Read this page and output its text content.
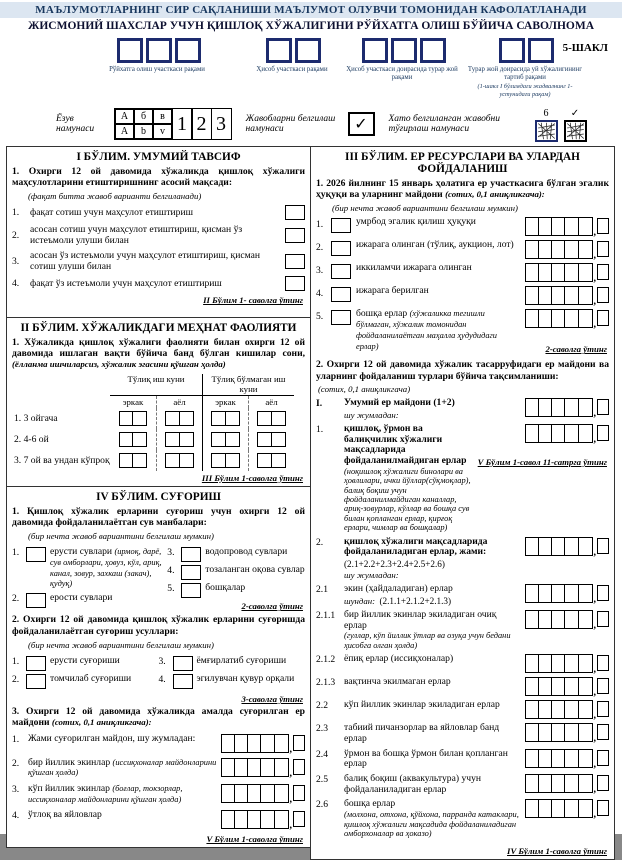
МАЪЛУМОТЛАРНИНГ СИР САҚЛАНИШИ МАЪЛУМОТ ОЛУВЧИ ТОМОНИДАН КАФОЛАТЛАНАДИ
ЖИСМОНИЙ ШАХСЛАР УЧУН ҚИШЛОҚ ХЎЖАЛИГИНИ РЎЙХАТГА ОЛИШ БЎЙИЧА САВОЛНОМА
5-ШАКЛ
Рўйхатга олиш участкаси рақами	Ҳисоб участкаси рақами	Ҳисоб участкаси доирасида турар жой рақами
Турар жой доирасида уй хўжалигининг тартиб рақами
(1-шакл I бўлимдаги жадвалнинг 1-устунидаги рақам)
Ёзув намунаси
А	б	в
A	b	v 1 2 3	Жавобларни белгилаш намунаси	✓	Хато белгиланган жавобни тўғирлаш намунаси
6 ✓
I БЎЛИМ. УМУМИЙ ТАВСИФ
1. Охирги 12 ой давомида хўжаликда қишлоқ хўжалиги маҳсулотларини етиштиришнинг асосий мақсади:
(фақат битта жавоб варианти белгиланади)
1.	фақат сотиш учун маҳсулот етиштириш
2.
асосан сотиш учун маҳсулот етиштириш, қисман ўз истеъмоли улуши билан
3.
асосан ўз истеъмоли учун маҳсулот етиштириш, қисман сотиш улуши билан
4.	фақат ўз истеъмоли учун маҳсулот етиштириш
II Бўлим 1- саволга ўтинг
II БЎЛИМ. ХЎЖАЛИКДАГИ МЕҲНАТ ФАОЛИЯТИ
1. Хўжаликда қишлоқ хўжалиги фаолияти билан охирги 12 ой давомида ишлаган вақти бўйича банд бўлган кишилар сони, (ёлланма ишчиларсиз, хўжалик эгасини қўшган ҳолда)
Тўлиқ иш куни	Тўлиқ бўлмаган иш куни
эркак	аёл	эркак	аёл
1. 3 ойгача
2. 4-6 ой
3. 7 ой ва ундан кўпроқ
III Бўлим 1-саволга ўтинг
IV БЎЛИМ. СУҒОРИШ
1. Қишлоқ хўжалик ерларини суғориш учун охирги 12 ой давомида фойдаланилаётган сув манбалари:
(бир нечта жавоб вариантини белгилаш мумкин)
1.	ерусти сувлари (ирмоқ, дарё, сув омборлари, ҳовуз, кўл, ариқ, канал, зовур, захкаш (закач), қудуқ)
2.	ерости сувлари
3.	водопровод сувлари
4.	тозаланган оқова сувлар
5.	бошқалар
2-саволга ўтинг
2. Охирги 12 ой давомида қишлоқ хўжалик ерларини суғоришда фойдаланилаётган суғориш усуллари:
(бир нечта жавоб вариантини белгилаш мумкин)
1.	ерусти суғориши
2.	томчилаб суғориши
3.	ёмғирлатиб суғориши
4.	эгилувчан қувур орқали
3-саволга ўтинг
3. Охирги 12 ой давомида хўжаликда амалда суғорилган ер майдони (сотих, 0,1 аниқликгача):
1. Жами суғорилган майдон, шу жумладан:
,
2. бир йиллик экинлар (иссиқхоналар майдонларини қўшган ҳолда)	,
3. кўп йиллик экинлар (боғлар, токзорлар, иссиқхоналар майдонларини қўшган ҳолда)	,
4. ўтлоқ ва яйловлар
,
V Бўлим 1-саволга ўтинг
III БЎЛИМ. ЕР РЕСУРСЛАРИ ВА УЛАРДАН ФОЙДАЛАНИШ
1. 2026 йилнинг 15 январь ҳолатига ер участкасига бўлган эгалик ҳуқуқи ва уларнинг майдони (сотих, 0,1 аниқликгача):
(бир нечта жавоб вариантини белгилаш мумкин)
1.	умрбод эгалик қилиш ҳуқуқи
,
2.	ижарага олинган (тўлиқ, аукцион, лот)
,
3.	иккиламчи ижарага олинган
,
4.	ижарага берилган
,
5.	бошқа ерлар (хўжаликка тегишли бўлмаган, хўжалик томонидан фойдаланилаётган маҳалла ҳудудидаги ерлар)
,
2-саволга ўтинг
2. Охирги 12 ой давомида хўжалик тасарруфидаги ер майдони ва уларнинг фойдаланиш турлари бўйича тақсимланиши:
(сотих, 0,1 аниқликгача)
I.	Умумий ер майдони (1+2)
шу жумладан:	,
1.	қишлоқ, ўрмон ва балиқчилик хўжалиги мақсадларида фойдаланилмайдиган ерлар
(ноқишлоқ хўжалиги бинолари ва ҳовлилари, ички йўллар(сўқмоқлар), балиқ боқиш учун фойдаланилмайдиган каналлар, ариқ-зовурлар, кўллар ва бошқа сув билан қопланган ерлар, қирғоқ ерлари, чимлар ва бошқалар)
,
V Бўлим 1-савол 11-сатрга ўтинг
2.	қишлоқ хўжалиги мақсадларида фойдаланиладиган ерлар, жами:
(2.1+2.2+2.3+2.4+2.5+2.6)
шу жумладан:
,
2.1	экин (ҳайдаладиган) ерлар
шундан: (2.1.1+2.1.2+2.1.3)	,
2.1.1 бир йиллик экинлар экиладиган очиқ ерлар
(гуллар, кўп йиллик ўтлар ва озуқа учун бедани ҳисобга олган ҳолда)
,
2.1.2 ёпиқ ерлар (иссиқхоналар)
,
2.1.3 вақтинча экилмаган ерлар
,
2.2	кўп йиллик экинлар экиладиган ерлар
,
2.3	табиий пичанзорлар ва яйловлар банд ерлар	,
2.4	ўрмон ва бошқа ўрмон билан қопланган ерлар	,
2.5	балиқ боқиш (аквакультура) учун фойдаланиладиган ерлар	,
2.6	бошқа ерлар
(молхона, отхона, қўйхона, парранда катаклари, қишлоқ хўжалиги мақсадида фойдаланиладиган омборхоналар ва ҳоказо)
,
IV Бўлим 1-саволга ўтинг
